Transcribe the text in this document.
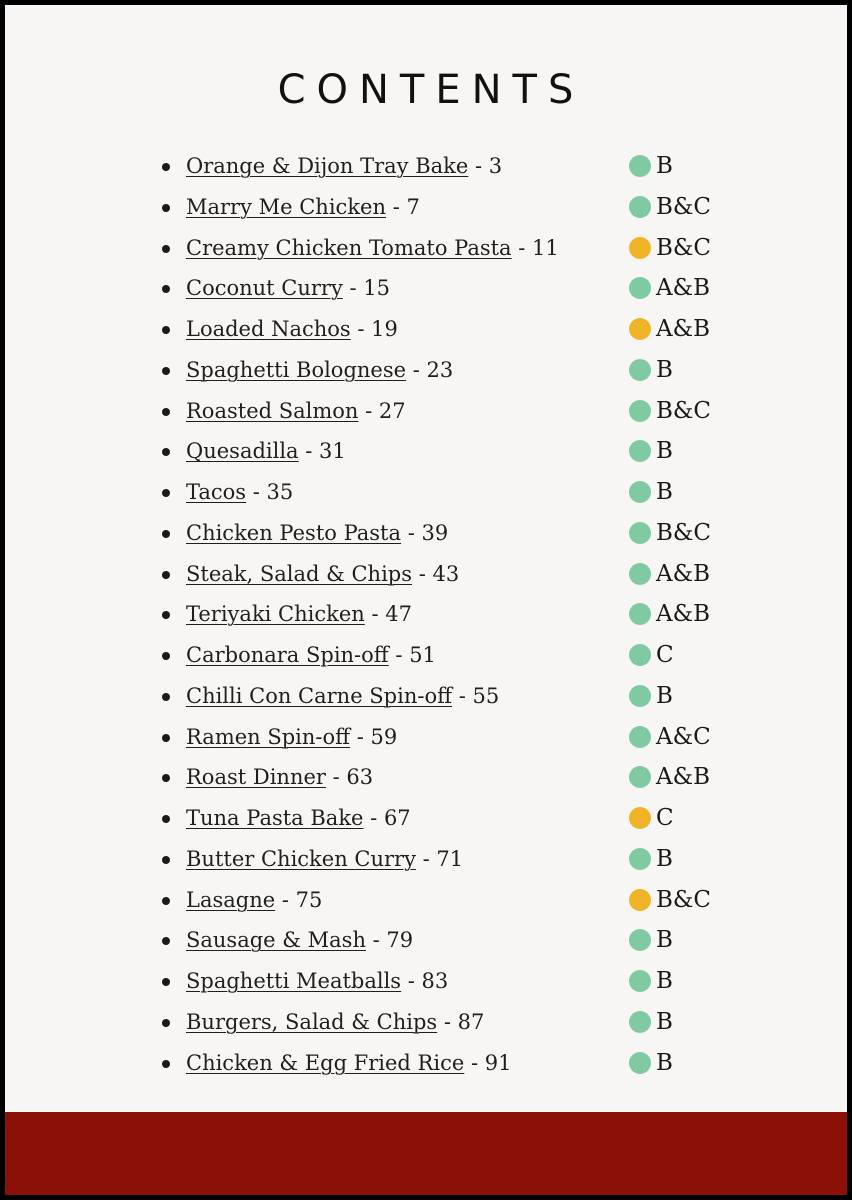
CONTENTS
Orange & Dijon Tray Bake - 3	B
Marry Me Chicken - 7	B&C
Creamy Chicken Tomato Pasta - 11	B&C
Coconut Curry - 15	A&B
Loaded Nachos - 19	A&B
Spaghetti Bolognese - 23	B
Roasted Salmon - 27	B&C
Quesadilla - 31	B
Tacos - 35	B
Chicken Pesto Pasta - 39	B&C
Steak, Salad & Chips - 43	A&B
Teriyaki Chicken - 47	A&B
Carbonara Spin-off - 51	C
Chilli Con Carne Spin-off - 55	B
Ramen Spin-off - 59	A&C
Roast Dinner - 63	A&B
Tuna Pasta Bake - 67	C
Butter Chicken Curry - 71	B
Lasagne - 75	B&C
Sausage & Mash - 79	B
Spaghetti Meatballs - 83	B
Burgers, Salad & Chips - 87	B
Chicken & Egg Fried Rice - 91	B
